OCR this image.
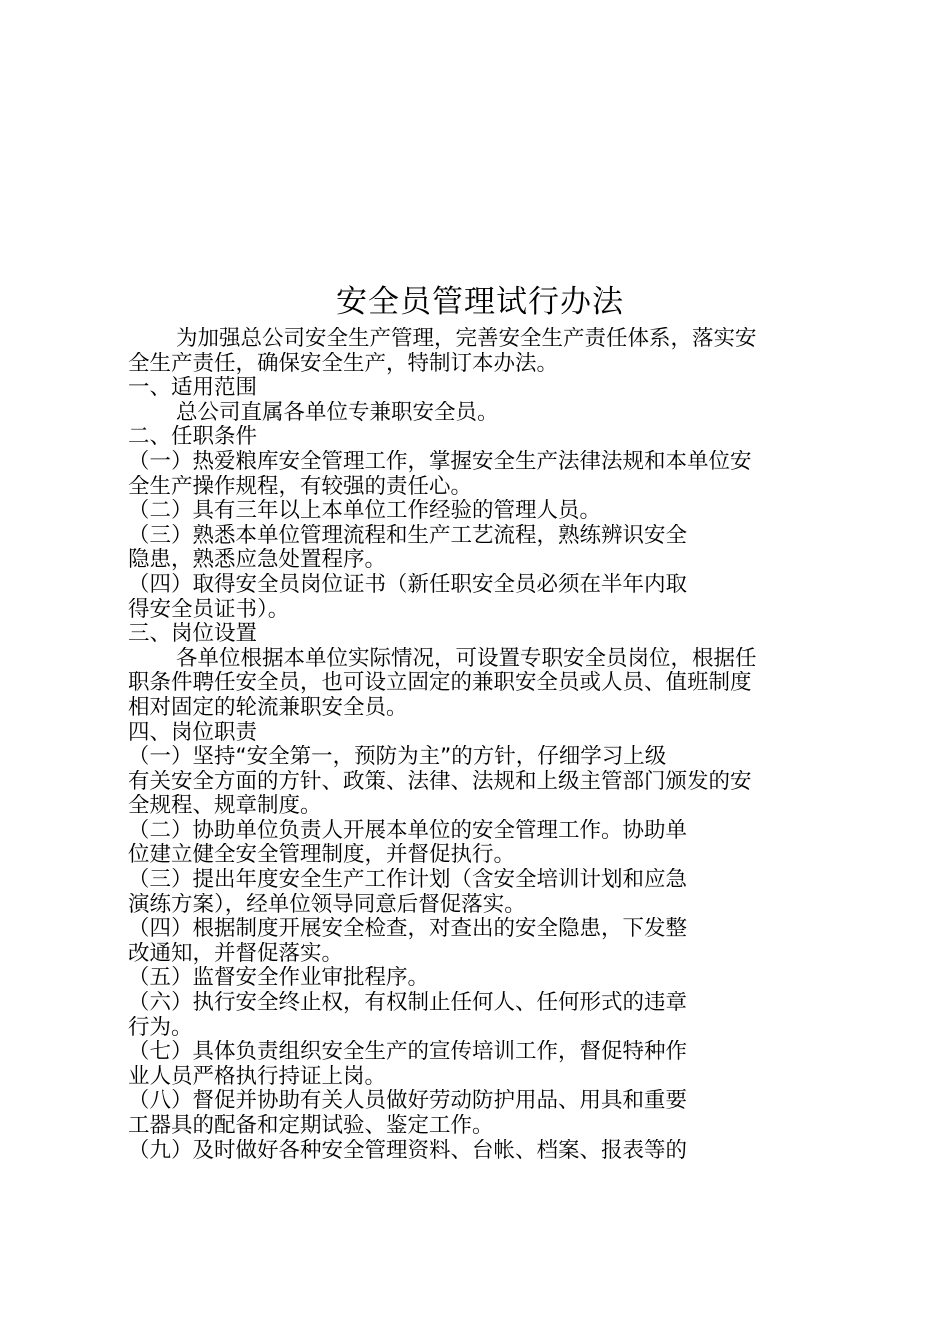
安全员管理试行办法
为加强总公司安全生产管理，完善安全生产责任体系，落实安
全生产责任，确保安全生产，特制订本办法。
一、适用范围
总公司直属各单位专兼职安全员。
二、任职条件
（一）热爱粮库安全管理工作，掌握安全生产法律法规和本单位安
全生产操作规程，有较强的责任心。
（二）具有三年以上本单位工作经验的管理人员。
（三）熟悉本单位管理流程和生产工艺流程，熟练辨识安全
隐患，熟悉应急处置程序。
（四）取得安全员岗位证书（新任职安全员必须在半年内取
得安全员证书）。
三、岗位设置
各单位根据本单位实际情况，可设置专职安全员岗位，根据任
职条件聘任安全员，也可设立固定的兼职安全员或人员、值班制度
相对固定的轮流兼职安全员。
四、岗位职责
（一）坚持“安全第一，预防为主”的方针，仔细学习上级
有关安全方面的方针、政策、法律、法规和上级主管部门颁发的安
全规程、规章制度。
（二）协助单位负责人开展本单位的安全管理工作。协助单
位建立健全安全管理制度，并督促执行。
（三）提出年度安全生产工作计划（含安全培训计划和应急
演练方案），经单位领导同意后督促落实。
（四）根据制度开展安全检查，对查出的安全隐患，下发整
改通知，并督促落实。
（五）监督安全作业审批程序。
（六）执行安全终止权，有权制止任何人、任何形式的违章
行为。
（七）具体负责组织安全生产的宣传培训工作，督促特种作
业人员严格执行持证上岗。
（八）督促并协助有关人员做好劳动防护用品、用具和重要
工器具的配备和定期试验、鉴定工作。
（九）及时做好各种安全管理资料、台帐、档案、报表等的
